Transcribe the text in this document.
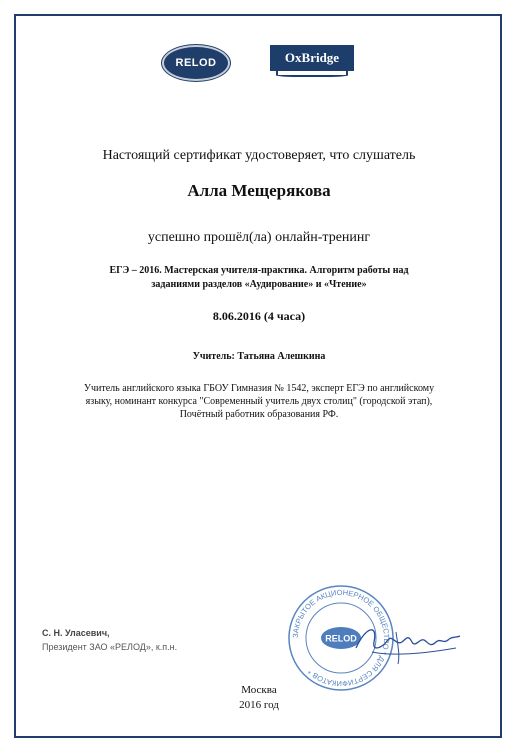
RELOD	OxBridge
Настоящий сертификат удостоверяет, что слушатель
Алла Мещерякова
успешно прошёл(ла) онлайн-тренинг
ЕГЭ – 2016. Мастерская учителя-практика. Алгоритм работы над
заданиями разделов «Аудирование» и «Чтение»
8.06.2016 (4 часа)
Учитель: Татьяна Алешкина
Учитель английского языка ГБОУ Гимназия № 1542, эксперт ЕГЭ по английскому
языку, номинант конкурса "Современный учитель двух столиц" (городской этап),
Почётный работник образования РФ.
С. Н. Уласевич,
Президент ЗАО «РЕЛОД», к.п.н.
ЗАКРЫТОЕ АКЦИОНЕРНОЕ ОБЩЕСТВО * ДЛЯ СЕРТИФИКАТОВ *
RELOD
Москва
2016 год
